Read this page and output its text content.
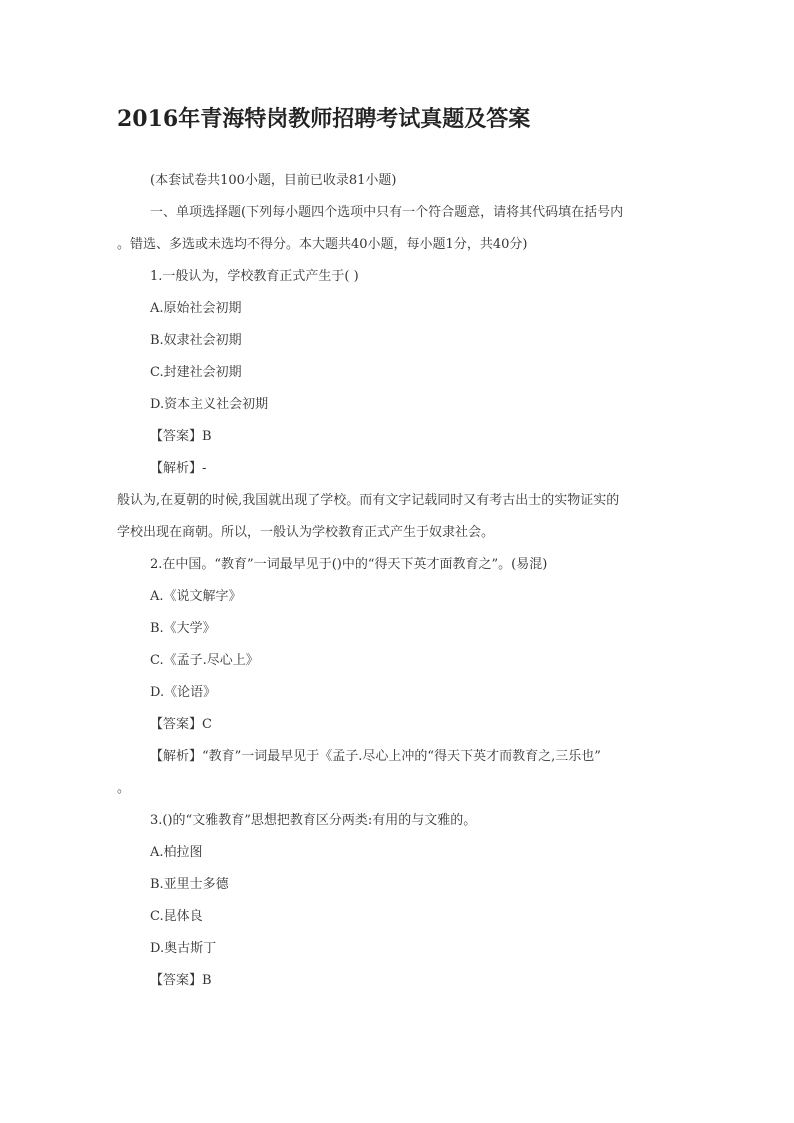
2016年青海特岗教师招聘考试真题及答案
(本套试卷共100小题，目前已收录81小题)
一、单项选择题(下列每小题四个选项中只有一个符合题意，请将其代码填在括号内
。错选、多选或未选均不得分。本大题共40小题，每小题1分，共40分)
1.一般认为，学校教育正式产生于( )
A.原始社会初期
B.奴隶社会初期
C.封建社会初期
D.资本主义社会初期
【答案】B
【解析】-
般认为,在夏朝的时候,我国就出现了学校。而有文字记载同时又有考古出士的实物证实的
学校出现在商朝。所以，一般认为学校教育正式产生于奴隶社会。
2.在中国。“教育”一词最早见于()中的“得天下英才面教育之”。(易混)
A.《说文解字》
B.《大学》
C.《孟子.尽心上》
D.《论语》
【答案】C
【解析】“教育”一词最早见于《孟子.尽心上冲的“得天下英才而教育之,三乐也”
。
3.()的“文雅教育”思想把教育区分两类:有用的与文雅的。
A.柏拉图
B.亚里士多德
C.昆体良
D.奥古斯丁
【答案】B
